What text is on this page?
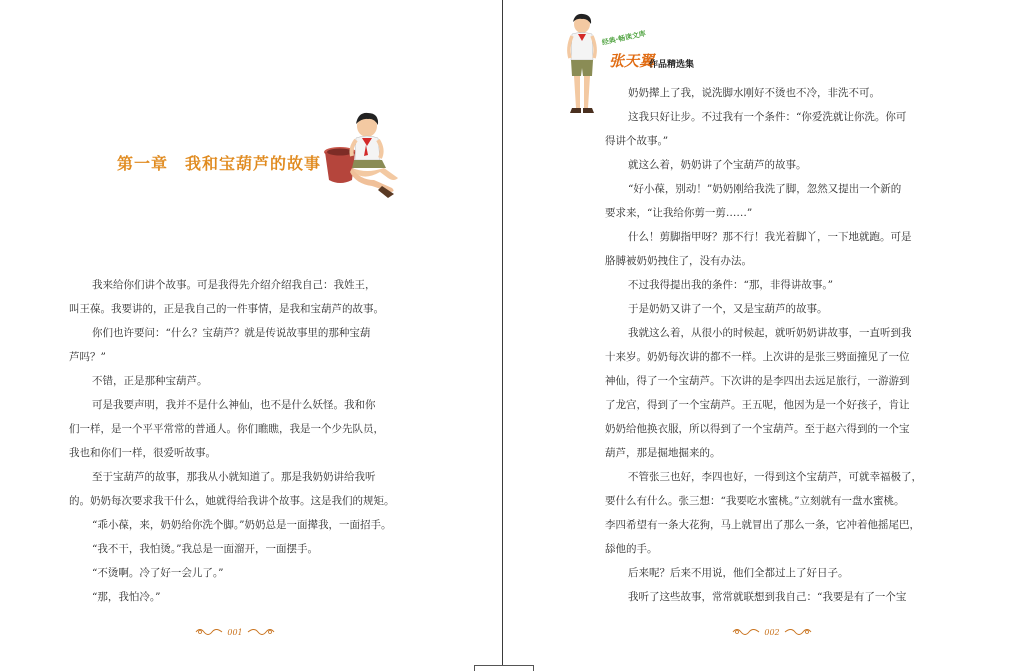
第一章　我和宝葫芦的故事
我来给你们讲个故事。可是我得先介绍介绍我自己：我姓王，
叫王葆。我要讲的，正是我自己的一件事情，是我和宝葫芦的故事。
你们也许要问：“什么？宝葫芦？就是传说故事里的那种宝葫
芦吗？”
不错，正是那种宝葫芦。
可是我要声明，我并不是什么神仙，也不是什么妖怪。我和你
们一样，是一个平平常常的普通人。你们瞧瞧，我是一个少先队员，
我也和你们一样，很爱听故事。
至于宝葫芦的故事，那我从小就知道了。那是我奶奶讲给我听
的。奶奶每次要求我干什么，她就得给我讲个故事。这是我们的规矩。
“乖小葆，来，奶奶给你洗个脚。”奶奶总是一面撵我，一面招手。
“我不干，我怕烫。”我总是一面溜开，一面摆手。
“不烫啊。冷了好一会儿了。”
“那，我怕冷。”
001
经典·畅读文库
张天翼
作品精选集
奶奶撵上了我，说洗脚水刚好不烫也不冷，非洗不可。
这我只好让步。不过我有一个条件：“你爱洗就让你洗。你可
得讲个故事。”
就这么着，奶奶讲了个宝葫芦的故事。
“好小葆，别动！”奶奶刚给我洗了脚，忽然又提出一个新的
要求来，“让我给你剪一剪……”
什么！剪脚指甲呀？那不行！我光着脚丫，一下地就跑。可是
胳膊被奶奶拽住了，没有办法。
不过我得提出我的条件：“那，非得讲故事。”
于是奶奶又讲了一个，又是宝葫芦的故事。
我就这么着，从很小的时候起，就听奶奶讲故事，一直听到我
十来岁。奶奶每次讲的都不一样。上次讲的是张三劈面撞见了一位
神仙，得了一个宝葫芦。下次讲的是李四出去远足旅行，一游游到
了龙宫，得到了一个宝葫芦。王五呢，他因为是一个好孩子，肯让
奶奶给他换衣服，所以得到了一个宝葫芦。至于赵六得到的一个宝
葫芦，那是掘地掘来的。
不管张三也好，李四也好，一得到这个宝葫芦，可就幸福极了，
要什么有什么。张三想：“我要吃水蜜桃。”立刻就有一盘水蜜桃。
李四希望有一条大花狗，马上就冒出了那么一条，它冲着他摇尾巴，
舔他的手。
后来呢？后来不用说，他们全都过上了好日子。
我听了这些故事，常常就联想到我自己：“我要是有了一个宝
002
